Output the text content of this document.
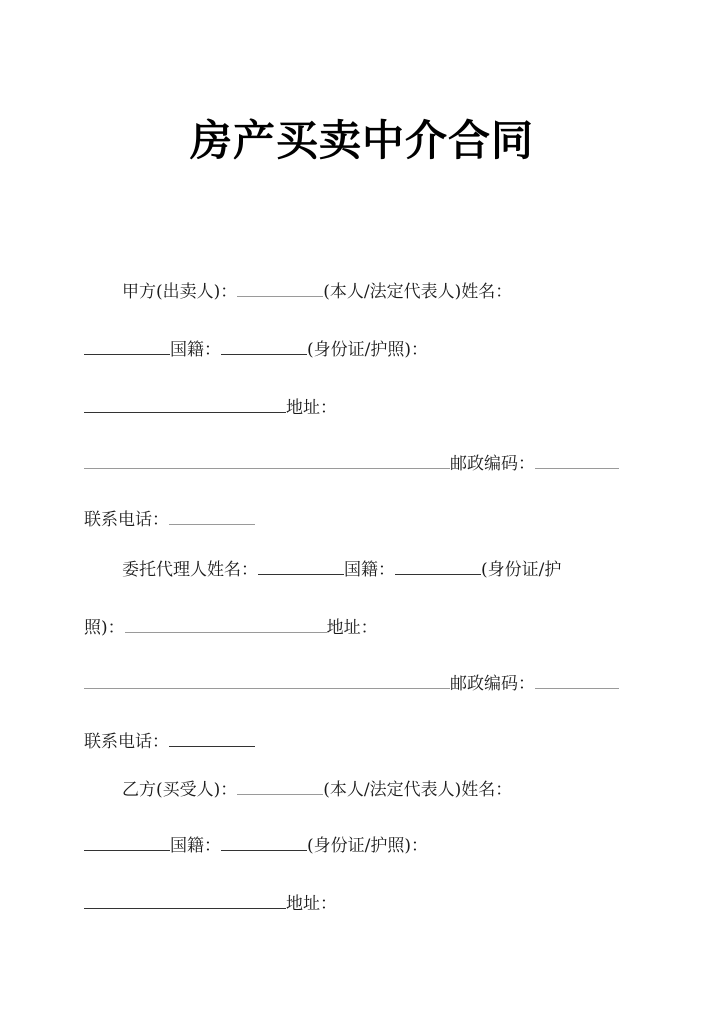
房产买卖中介合同
甲方(出卖人)：	(本人/法定代表人)姓名：
国籍：	(身份证/护照)：
地址：
邮政编码：
联系电话：
委托代理人姓名：	国籍：	(身份证/护
照)：	地址：
邮政编码：
联系电话：
乙方(买受人)：	(本人/法定代表人)姓名：
国籍：	(身份证/护照)：
地址：
